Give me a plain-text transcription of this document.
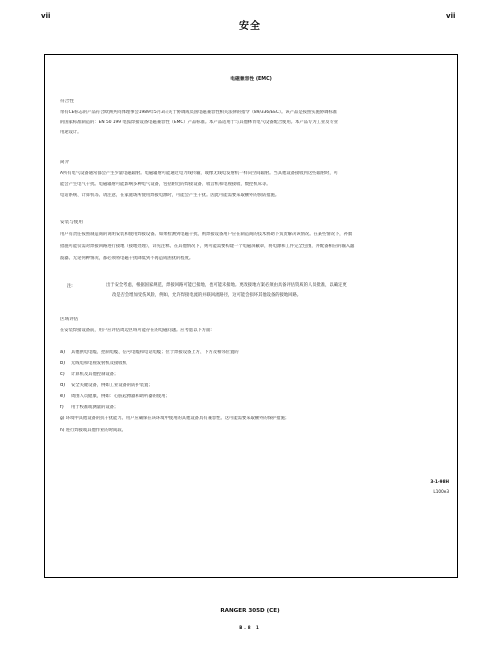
vii
安全
vii
电磁兼容性 (EMC)
符合性
带有CE标志的产品符合欧洲共同体理事会1989年5月3日关于协调成员国电磁兼容性相关法律的指令（89/336/EEC）。该产品是按照实施协调标准
的国家标准制造的：EN 50 199 电弧焊接设备电磁兼容性（EMC）产品标准。本产品适用于与其他林肯电气设备配合使用。本产品专为工业及专业
用途设计。
简介
A所有电气设备通常都会产生少量电磁辐射。电磁辐射可能通过电力线传输，或像无线电发射机一样向空间辐射。当其他设备接收到这些辐射时，可
能会产生电气干扰。电磁辐射可能影响多种电气设备，包括附近的焊接设备、收音机和电视接收、数控机床等。
电话系统、计算机等。请注意，在家庭场所使用焊接电源时，可能会产生干扰。因此可能需要采取额外的预防措施。
安装与使用
用户有责任按照制造商的说明安装和使用焊接设备。如果检测到电磁干扰，则焊接设备用户应在制造商的技术协助下负责解决该情况。在某些情况下，补救
措施可能仅需对焊接回路进行接地（接地处理），详见注释。在其他情况下，则可能需要构建一个电磁屏蔽罩，将电源和工件完全包围，并配备相应的输入滤
波器。无论何种情况，都必须将电磁干扰降低到不再造成困扰的程度。
注:	出于安全考虑，根据国家规范，焊接回路可能已接地，也可能未接地。更改接地方案必须由具备评估资质的人员批准，以确定更
改是否会增加受伤风险，例如，允许焊接电流的并联回流路径，这可能会损坏其他设备的接地回路。
区域评估
在安装焊接设备前，用户应评估周边区域可能存在的电磁问题。应考虑以下方面:
a)	其他供电电缆、控制电缆、信号电缆和电话电缆；位于焊接设备上方、下方及相邻位置的
b)	无线电和电视发射机及接收机
c)	计算机及其他控制设备；
d)	安全关键设备，例如工业设备的防护装置；
e)	周围人员健康，例如：心脏起搏器和助听器的使用；
f)	用于校准或测量的设备；
g) 环境中其他设备的抗干扰能力。用户应确保在该环境中使用的其他设备具有兼容性。这可能需要采取额外的保护措施；
h) 进行焊接或其他作业的时间段。
3-1-98H
L100e3
RANGER 305D (CE)
B.8 1
